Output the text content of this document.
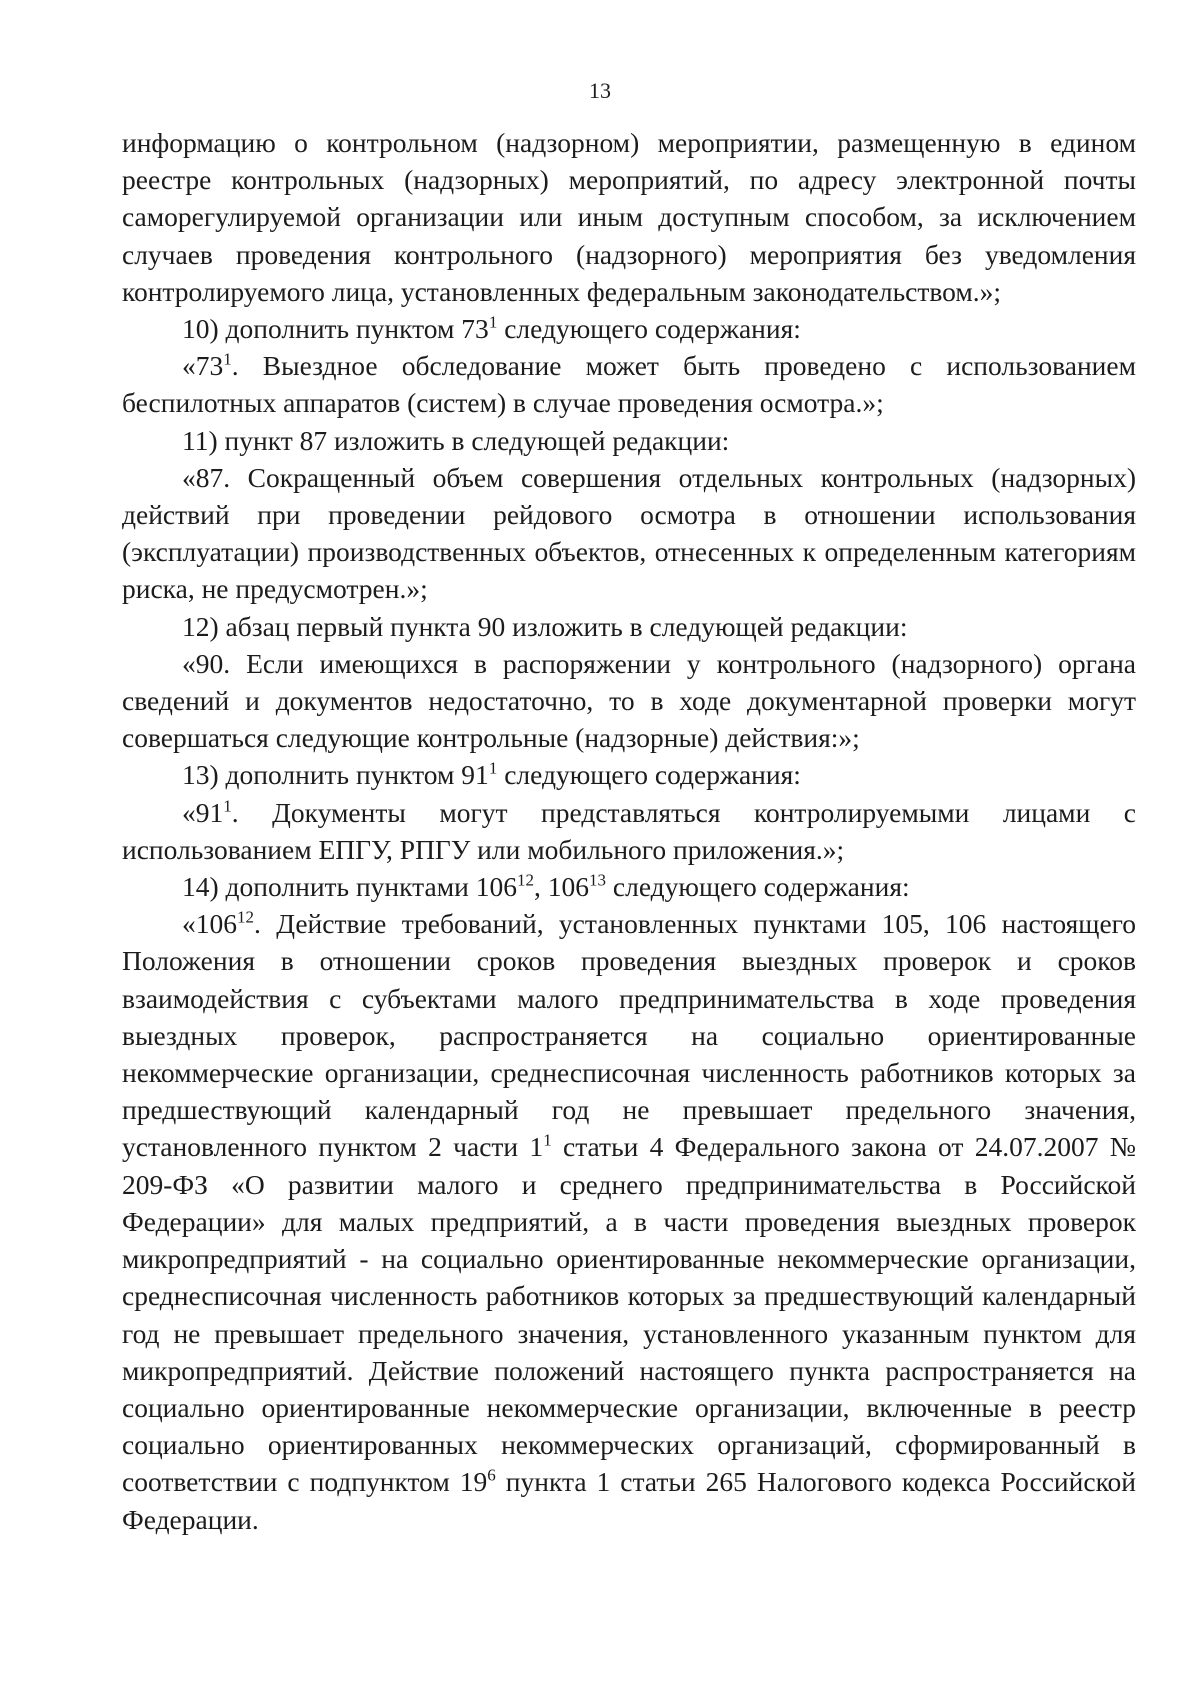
13

информацию о контрольном (надзорном) мероприятии, размещенную в едином реестре контрольных (надзорных) мероприятий, по адресу электронной почты саморегулируемой организации или иным доступным способом, за исключением случаев проведения контрольного (надзорного) мероприятия без уведомления контролируемого лица, установленных федеральным законодательством.»;

10) дополнить пунктом $73^1$ следующего содержания:

«$73^1$. Выездное обследование может быть проведено с использованием беспилотных аппаратов (систем) в случае проведения осмотра.»;

11) пункт 87 изложить в следующей редакции:

«87. Сокращенный объем совершения отдельных контрольных (надзорных) действий при проведении рейдового осмотра в отношении использования (эксплуатации) производственных объектов, отнесенных к определенным категориям риска, не предусмотрен.»;

12) абзац первый пункта 90 изложить в следующей редакции:

«90. Если имеющихся в распоряжении у контрольного (надзорного) органа сведений и документов недостаточно, то в ходе документарной проверки могут совершаться следующие контрольные (надзорные) действия:»;

13) дополнить пунктом $91^1$ следующего содержания:

«$91^1$. Документы могут представляться контролируемыми лицами с использованием ЕПГУ, РПГУ или мобильного приложения.»;

14) дополнить пунктами $106^{12}$, $106^{13}$ следующего содержания:

«$106^{12}$. Действие требований, установленных пунктами 105, 106 настоящего Положения в отношении сроков проведения выездных проверок и сроков взаимодействия с субъектами малого предпринимательства в ходе проведения выездных проверок, распространяется на социально ориентированные некоммерческие организации, среднесписочная численность работников которых за предшествующий календарный год не превышает предельного значения, установленного пунктом 2 части $1^1$ статьи 4 Федерального закона от 24.07.2007 № 209-ФЗ «О развитии малого и среднего предпринимательства в Российской Федерации» для малых предприятий, а в части проведения выездных проверок микропредприятий - на социально ориентированные некоммерческие организации, среднесписочная численность работников которых за предшествующий календарный год не превышает предельного значения, установленного указанным пунктом для микропредприятий. Действие положений настоящего пункта распространяется на социально ориентированные некоммерческие организации, включенные в реестр социально ориентированных некоммерческих организаций, сформированный в соответствии с подпунктом $19^6$ пункта 1 статьи 265 Налогового кодекса Российской Федерации.
